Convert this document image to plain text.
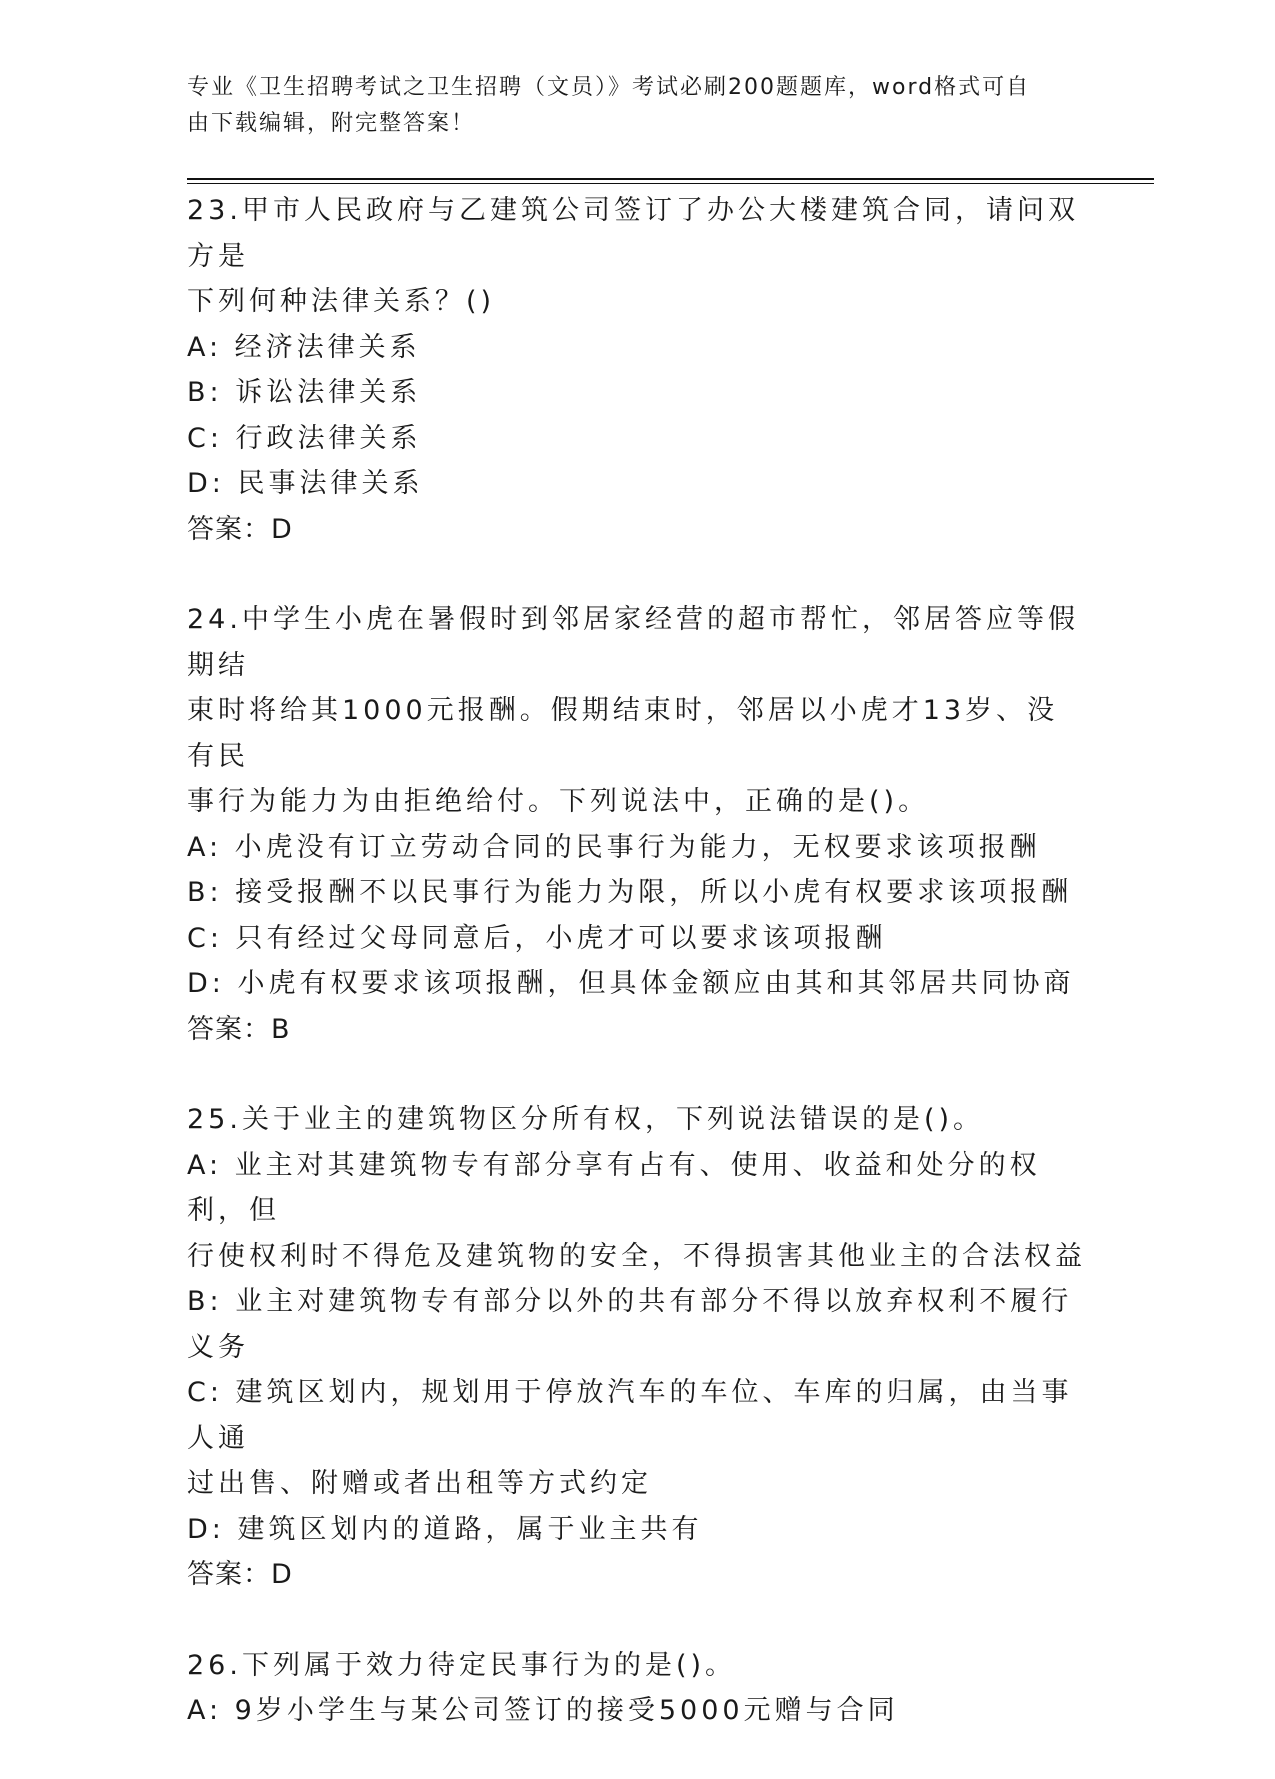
专业《卫生招聘考试之卫生招聘（文员）》考试必刷200题题库，word格式可自
由下载编辑，附完整答案！
23.甲市人民政府与乙建筑公司签订了办公大楼建筑合同，请问双方是
下列何种法律关系？()
A: 经济法律关系
B: 诉讼法律关系
C: 行政法律关系
D: 民事法律关系
答案：D
24.中学生小虎在暑假时到邻居家经营的超市帮忙，邻居答应等假期结
束时将给其1000元报酬。假期结束时，邻居以小虎才13岁、没有民
事行为能力为由拒绝给付。下列说法中，正确的是()。
A: 小虎没有订立劳动合同的民事行为能力，无权要求该项报酬
B: 接受报酬不以民事行为能力为限，所以小虎有权要求该项报酬
C: 只有经过父母同意后，小虎才可以要求该项报酬
D: 小虎有权要求该项报酬，但具体金额应由其和其邻居共同协商
答案：B
25.关于业主的建筑物区分所有权，下列说法错误的是()。
A: 业主对其建筑物专有部分享有占有、使用、收益和处分的权利，但
行使权利时不得危及建筑物的安全，不得损害其他业主的合法权益
B: 业主对建筑物专有部分以外的共有部分不得以放弃权利不履行义务
C: 建筑区划内，规划用于停放汽车的车位、车库的归属，由当事人通
过出售、附赠或者出租等方式约定
D: 建筑区划内的道路，属于业主共有
答案：D
26.下列属于效力待定民事行为的是()。
A: 9岁小学生与某公司签订的接受5000元赠与合同
